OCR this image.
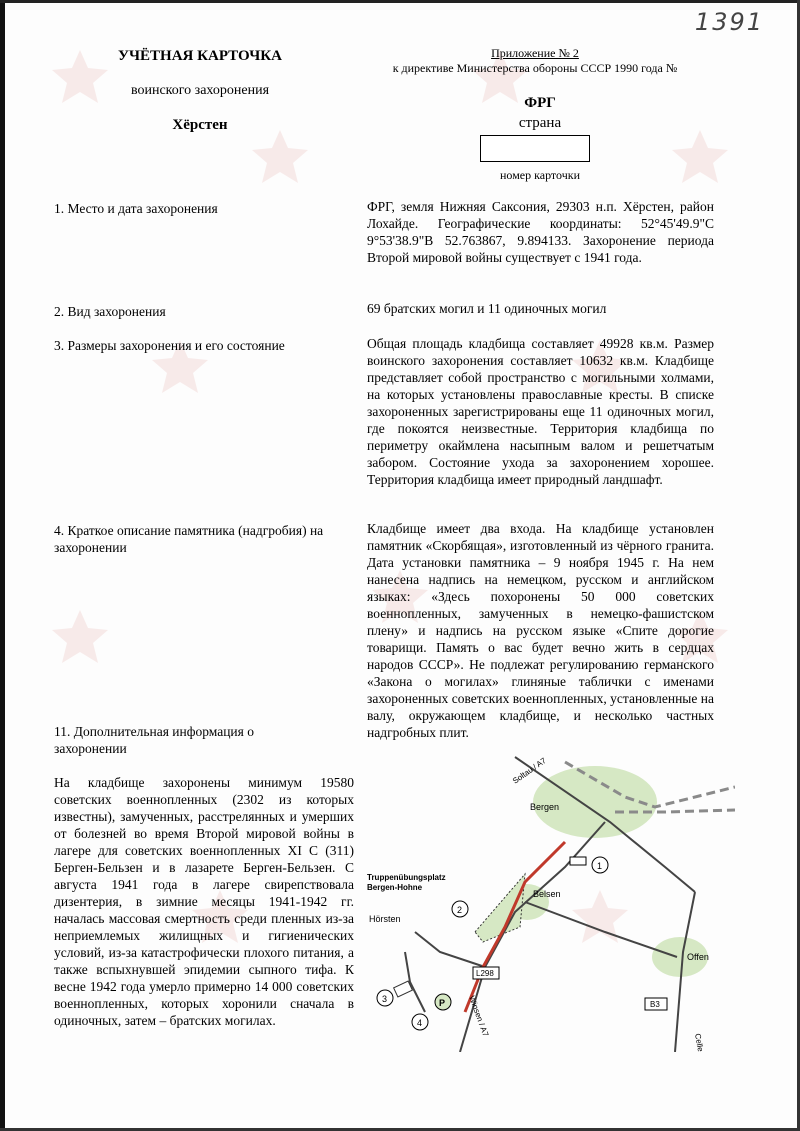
1391
УЧЁТНАЯ КАРТОЧКА
воинского захоронения
Хёрстен
Приложение № 2
к директиве Министерства обороны СССР 1990 года №
ФРГ
страна
номер карточки
1. Место и дата захоронения	ФРГ, земля Нижняя Саксония, 29303 н.п. Хёрстен, район Лохайде. Географические координаты: 52°45'49.9"С 9°53'38.9"В 52.763867, 9.894133. Захоронение периода Второй мировой войны существует с 1941 года.
2. Вид захоронения	69 братских могил и 11 одиночных могил
3. Размеры захоронения и его состояние	Общая площадь кладбища составляет 49928 кв.м. Размер воинского захоронения составляет 10632 кв.м. Кладбище представляет собой пространство с могильными холмами, на которых установлены православные кресты. В списке захороненных зарегистрированы еще 11 одиночных могил, где покоятся неизвестные. Территория кладбища по периметру окаймлена насыпным валом и решетчатым забором. Состояние ухода за захоронением хорошее. Территория кладбища имеет природный ландшафт.
4. Краткое описание памятника (надгробия) на захоронении
Кладбище имеет два входа. На кладбище установлен памятник «Скорбящая», изготовленный из чёрного гранита. Дата установки памятника – 9 ноября 1945 г. На нем нанесена надпись на немецком, русском и английском языках: «Здесь похоронены 50 000 советских военнопленных, замученных в немецко-фашистском плену» и надпись на русском языке «Спите дорогие товарищи. Память о вас будет вечно жить в сердцах народов СССР». Не подлежат регулированию германского «Закона о могилах» глиняные таблички с именами захороненных советских военнопленных, установленные на валу, окружающем кладбище, и несколько частных надгробных плит.
11. Дополнительная информация о захоронении
На кладбище захоронены минимум 19580 советских военнопленных (2302 из которых известны), замученных, расстрелянных и умерших от болезней во время Второй мировой войны в лагере для советских военнопленных XI С (311) Берген-Бельзен и в лазарете Берген-Бельзен. С августа 1941 года в лагере свирепствовала дизентерия, в зимние месяцы 1941-1942 гг. началась массовая смертность среди пленных из-за неприемлемых жилищных и гигиенических условий, из-за катастрофически плохого питания, а также вспыхнувшей эпидемии сыпного тифа. К весне 1942 года умерло примерно 14 000 советских военнопленных, которых хоронили сначала в одиночных, затем – братских могилах.
Soltau / A7
Bergen
Truppenübungsplatz
Bergen-Hohne
Belsen
Hörsten
Offen
L298
B3
Winsen / A7
Celle
P
1
2
3
4
